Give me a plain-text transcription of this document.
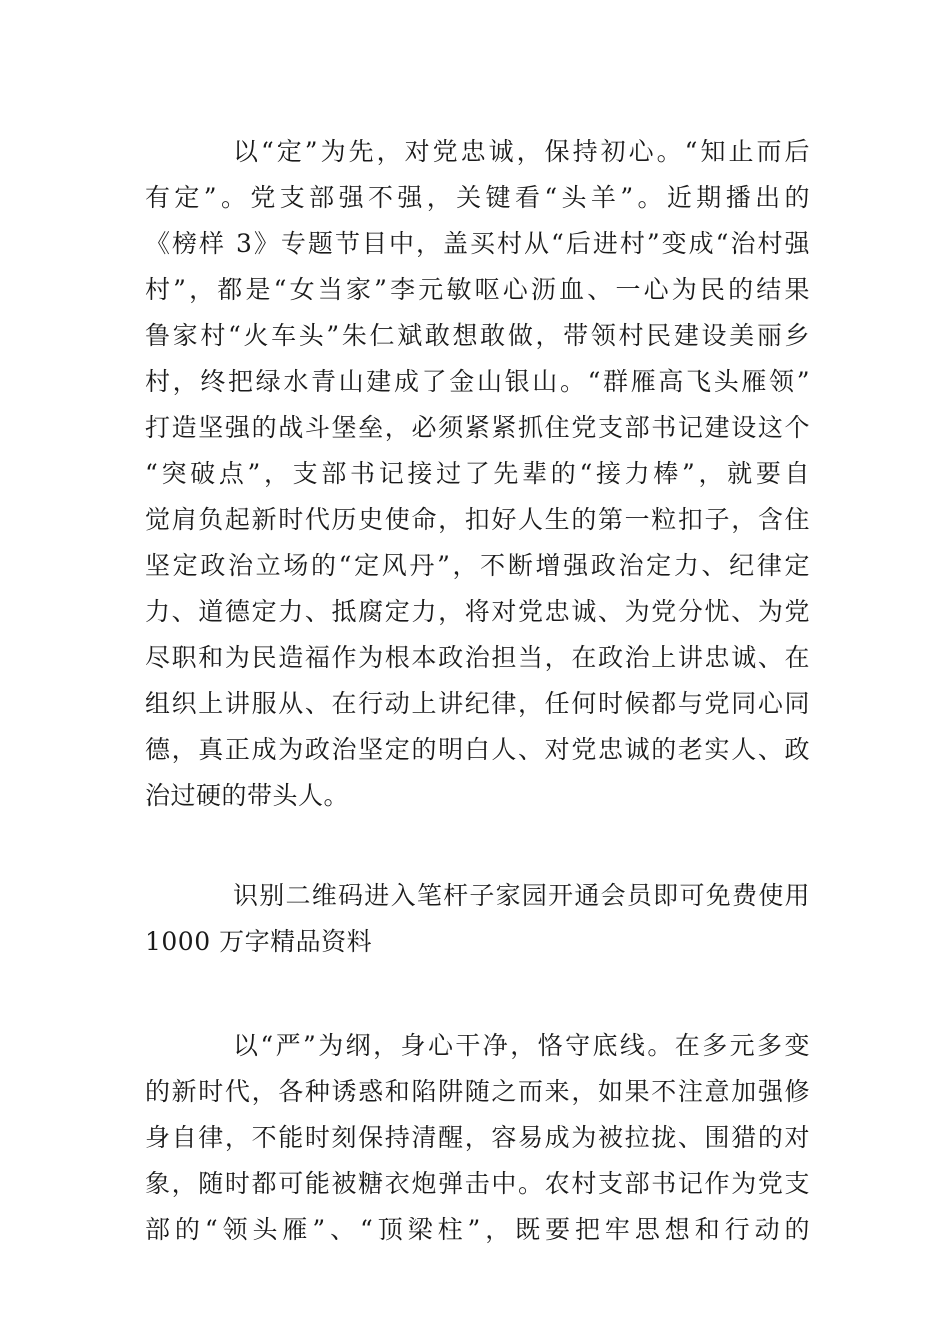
以“定”为先，对党忠诚，保持初心。“知止而后
有定”。党支部强不强，关键看“头羊”。近期播出的
《榜样 3》专题节目中，盖买村从“后进村”变成“治村强
村”，都是“女当家”李元敏呕心沥血、一心为民的结果
鲁家村“火车头”朱仁斌敢想敢做，带领村民建设美丽乡
村，终把绿水青山建成了金山银山。“群雁高飞头雁领”
打造坚强的战斗堡垒，必须紧紧抓住党支部书记建设这个
“突破点”，支部书记接过了先辈的“接力棒”，就要自
觉肩负起新时代历史使命，扣好人生的第一粒扣子，含住
坚定政治立场的“定风丹”，不断增强政治定力、纪律定
力、道德定力、抵腐定力，将对党忠诚、为党分忧、为党
尽职和为民造福作为根本政治担当，在政治上讲忠诚、在
组织上讲服从、在行动上讲纪律，任何时候都与党同心同
德，真正成为政治坚定的明白人、对党忠诚的老实人、政
治过硬的带头人。
识别二维码进入笔杆子家园开通会员即可免费使用
1000 万字精品资料
以“严”为纲，身心干净，恪守底线。在多元多变
的新时代，各种诱惑和陷阱随之而来，如果不注意加强修
身自律，不能时刻保持清醒，容易成为被拉拢、围猎的对
象，随时都可能被糖衣炮弹击中。农村支部书记作为党支
部的“领头雁”、“顶梁柱”，既要把牢思想和行动的
